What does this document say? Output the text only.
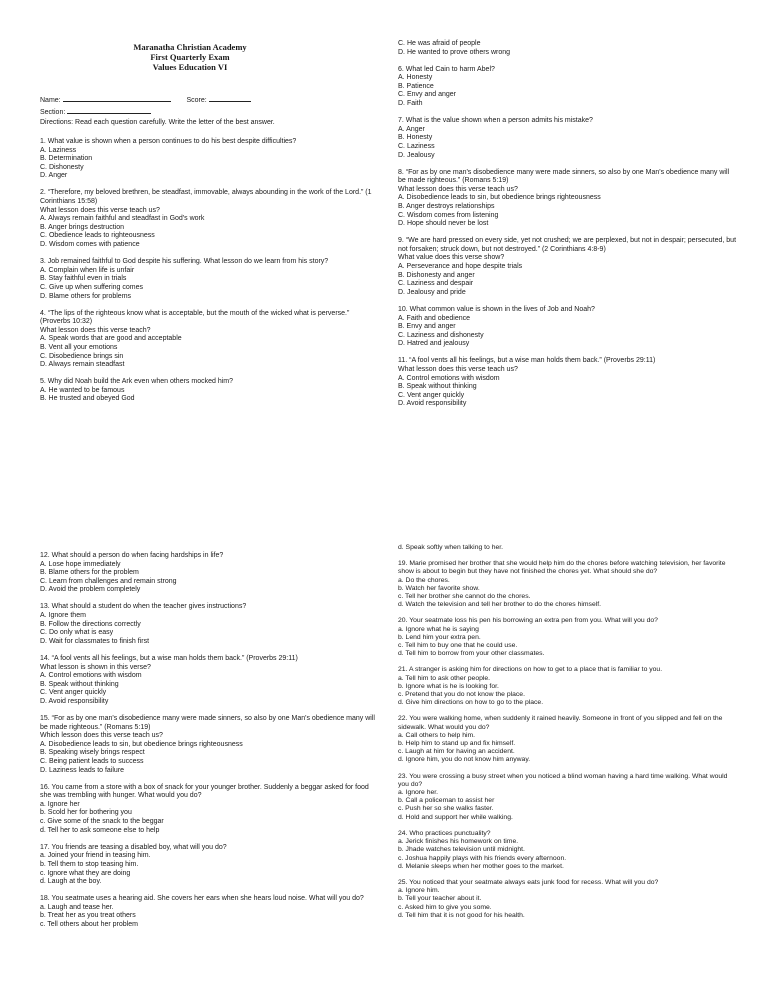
Maranatha Christian Academy
First Quarterly Exam
Values Education VI
Name:	Score:
Section:
Directions: Read each question carefully. Write the letter of the best answer.
1. What value is shown when a person continues to do his best despite difficulties?
A. Laziness
B. Determination
C. Dishonesty
D. Anger
2. “Therefore, my beloved brethren, be steadfast, immovable, always abounding in the work of the Lord.” (1 Corinthians 15:58)
What lesson does this verse teach us?
A. Always remain faithful and steadfast in God's work
B. Anger brings destruction
C. Obedience leads to righteousness
D. Wisdom comes with patience
3. Job remained faithful to God despite his suffering. What lesson do we learn from his story?
A. Complain when life is unfair
B. Stay faithful even in trials
C. Give up when suffering comes
D. Blame others for problems
4. “The lips of the righteous know what is acceptable, but the mouth of the wicked what is perverse.” (Proverbs 10:32)
What lesson does this verse teach?
A. Speak words that are good and acceptable
B. Vent all your emotions
C. Disobedience brings sin
D. Always remain steadfast
5. Why did Noah build the Ark even when others mocked him?
A. He wanted to be famous
B. He trusted and obeyed God
C. He was afraid of people
D. He wanted to prove others wrong
6. What led Cain to harm Abel?
A. Honesty
B. Patience
C. Envy and anger
D. Faith
7. What is the value shown when a person admits his mistake?
A. Anger
B. Honesty
C. Laziness
D. Jealousy
8. “For as by one man's disobedience many were made sinners, so also by one Man's obedience many will be made righteous.” (Romans 5:19)
What lesson does this verse teach us?
A. Disobedience leads to sin, but obedience brings righteousness
B. Anger destroys relationships
C. Wisdom comes from listening
D. Hope should never be lost
9. “We are hard pressed on every side, yet not crushed; we are perplexed, but not in despair; persecuted, but not forsaken; struck down, but not destroyed.” (2 Corinthians 4:8-9)
What value does this verse show?
A. Perseverance and hope despite trials
B. Dishonesty and anger
C. Laziness and despair
D. Jealousy and pride
10. What common value is shown in the lives of Job and Noah?
A. Faith and obedience
B. Envy and anger
C. Laziness and dishonesty
D. Hatred and jealousy
11. “A fool vents all his feelings, but a wise man holds them back.” (Proverbs 29:11)
What lesson does this verse teach us?
A. Control emotions with wisdom
B. Speak without thinking
C. Vent anger quickly
D. Avoid responsibility
12. What should a person do when facing hardships in life?
A. Lose hope immediately
B. Blame others for the problem
C. Learn from challenges and remain strong
D. Avoid the problem completely
13. What should a student do when the teacher gives instructions?
A. Ignore them
B. Follow the directions correctly
C. Do only what is easy
D. Wait for classmates to finish first
14. “A fool vents all his feelings, but a wise man holds them back.” (Proverbs 29:11)
What lesson is shown in this verse?
A. Control emotions with wisdom
B. Speak without thinking
C. Vent anger quickly
D. Avoid responsibility
15. “For as by one man's disobedience many were made sinners, so also by one Man's obedience many will be made righteous.” (Romans 5:19)
Which lesson does this verse teach us?
A. Disobedience leads to sin, but obedience brings righteousness
B. Speaking wisely brings respect
C. Being patient leads to success
D. Laziness leads to failure
16. You came from a store with a box of snack for your younger brother. Suddenly a beggar asked for food she was trembling with hunger. What would you do?
a. Ignore her
b. Scold her for bothering you
c. Give some of the snack to the beggar
d. Tell her to ask someone else to help
17. You friends are teasing a disabled boy, what will you do?
a. Joined your friend in teasing him.
b. Tell them to stop teasing him.
c. Ignore what they are doing
d. Laugh at the boy.
18. You seatmate uses a hearing aid. She covers her ears when she hears loud noise. What will you do?
a. Laugh and tease her.
b. Treat her as you treat others
c. Tell others about her problem
d. Speak softly when talking to her.
19. Marie promised her brother that she would help him do the chores before watching television, her favorite show is about to begin but they have not finished the chores yet. What should she do?
a. Do the chores.
b. Watch her favorite show.
c. Tell her brother she cannot do the chores.
d. Watch the television and tell her brother to do the chores himself.
20. Your seatmate loss his pen his borrowing an extra pen from you. What will you do?
a. Ignore what he is saying
b. Lend him your extra pen.
c. Tell him to buy one that he could use.
d. Tell him to borrow from your other classmates.
21. A stranger is asking him for directions on how to get to a place that is familiar to you.
a. Tell him to ask other people.
b. Ignore what is he is looking for.
c. Pretend that you do not know the place.
d. Give him directions on how to go to the place.
22. You were walking home, when suddenly it rained heavily. Someone in front of you slipped and fell on the sidewalk. What would you do?
a. Call others to help him.
b. Help him to stand up and fix himself.
c. Laugh at him for having an accident.
d. Ignore him, you do not know him anyway.
23. You were crossing a busy street when you noticed a blind woman having a hard time walking. What would you do?
a. Ignore her.
b. Call a policeman to assist her
c. Push her so she walks faster.
d. Hold and support her while walking.
24. Who practices punctuality?
a. Jerick finishes his homework on time.
b. Jhade watches television until midnight.
c. Joshua happily plays with his friends every afternoon.
d. Melanie sleeps when her mother goes to the market.
25. You noticed that your seatmate always eats junk food for recess. What will you do?
a. Ignore him.
b. Tell your teacher about it.
c. Asked him to give you some.
d. Tell him that it is not good for his health.
